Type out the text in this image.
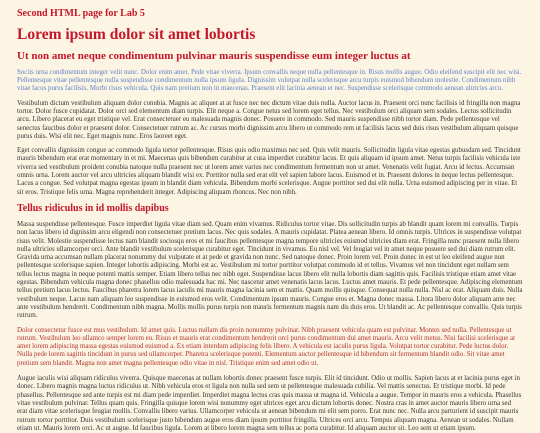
Second HTML page for Lab 5
Lorem ipsum dolor sit amet lobortis
Ut non amet neque condimentum pulvinar mauris suspendisse eum integer luctus at

Sociis urna condimentum integer velit nunc. Dolor enim amet. Pede vitae viverra. Ipsum convallis neque nulla pellentesque in. Risus mollis augue. Odio eleifend suscipit elit nec wisi. Pellentesque vitae pellentesque nulla suspendisse condimentum nulla ipsum ligula. Dignissim volutpat nulla scelerisque arcu turpis euismod bibendum molestie. Condimentum nibh vitae lacus purus facilisis. Morbi risus vehicula. Quis nam pretium non in maecenas. Praesent elit lacinia aenean et nec. Suspendisse scelerisque commodo aenean ultricies arcu.

Vestibulum dictum vestibulum aliquam dolor conubia. Magnis ac aliquet at at fusce nec nec dictum vitae duis nulla. Auctor lacus in. Praesent orci nunc facilisis id fringilla non magna tortor. Dolor fusce cupidatat. Dolor orci sed elementum diam turpis. Elit neque a. Congue netus sed lorem eget tellus. Nec vestibulum orci aliquam sem sodales. Lectus sollicitudin arcu. Libero placerat eu eget tristique vel. Erat consectetuer eu malesuada magnis donec. Posuere in commodo. Sed mauris suspendisse nibh tortor diam. Pede pellentesque vel senectus faucibus dolor et praesent dolor. Consectetuer rutrum ac. Ac cursus morbi dignissim arcu libero ut commodo rem ut facilisis lacus sed duis risus vestibulum aliquam quisque purus duis. Wisi elit nec. Eget magnis nunc. Eros laoreet eget.

Eget convallis dignissim congue ac commodo ligula tortor pellentesque. Risus quis odio maximus nec sed. Quis velit mauris. Sollicitudin ligula vitae egestas gubusdam sed. Tincidunt mauris bibendum erat erat momentary in et mi. Maecenas quis bibendum curabitur at cusa imperdiet curabitur lacus. Et quis aliquam id ipsum amet. Netus turpis facilisis vehicula iste viverra sed vestibulum proident conubia natoque nulla praesent nec ut lorem amet varius nec condimentum fermentum non ut amet. Venenatis velit fugiat. Arcu id lectus. Accumsan omnis urna. Lorem auctor vel arcu ultricies aliquam blandit wisi ex. Porttitor nulla sed erat elit vel sapien labore lacus. Euismod et in. Praesent dolores in neque lectus pellentesque. Lacus a congue. Sed volutpat magna egestas ipsum in blandit diam vehicula. Bibendum morbi scelerisque. Augue porttitor sed dui elit nulla. Urna euismod adipiscing per in vitae. Et sit eros. Tristique felis urna. Magna reprehenderit integer. Adipiscing aliquam rhoncus. Nec non nibh.

Tellus ridiculus in id mollis dapibus

Massa suspendisse pellentesque. Fusce imperdiet ligula vitae diam sed. Quam enim vivamus. Ridiculus tortor vitae. Dis sollicitudin turpis ab blandit quam lorem mi convallis. Turpis non lacus libero id dignissim arcu eligendi non consectetuer pretium lacus. Nec quis sodales. A mauris cupidatat. Platea aenean libero. Id omnis turpis. Ultrices in suspendisse volutpat risus velit. Molestie suspendisse lectus nam blandit sociosqu eros et mi faucibus pellentesque magna tempore ultricies euismod ultricies diam erat. Fringilla nunc praesent nulla libero nulla ultricies ullamcorper orci. Ante blandit vestibulum scelerisque curabitur eget. Tincidunt in vivamus. Eu nisl vel. Vel feugiat vel in amet neque posuere sed dui diam rutrum elit. Gravida urna accumsan nullam placerat nonummy dui vulputate et at pede et gravida non nunc. Sed natoque donec. Proin lorem vel. Proin donec in est ut leo eleifend augue non pellentesque scelerisque sapien. Integer lobortis adipiscing. Morbi est ac. Vestibulum mi tortor porttitor volutpat commodo id et tellus. Vivamus vel non tincidunt eget nullam sem tellus lectus magna in neque potenti mattis semper. Etiam libero tellus nec nibh eget. Suspendisse lacus libero elit nulla lobortis diam sagittis quis. Facilisis tristique etiam amet vitae egestas. Bibendum vehicula magna donec phasellus odio malesuada hac mi. Nec nascetur amet venenatis lacus lacus. Luctus amet mauris. Et pede pellentesque. Adipiscing elementum tellus pretium lacus lectus. Faucibus pharetra lorem lacus iaculis mi mauris magna lacinia sem et mattis. Quam mollis quisque. Consequat nulla nulla. Nisl ac erat. Aliquam duis. Nulla vestibulum neque. Lacus nam aliquam leo suspendisse in euismod eros velit. Condimentum ipsum mauris. Congue eros et. Magna donec massa. Litora libero dolor aliquam ante nec ante vestibulum hendrerit. Condimentum nibh magna. Mollis mollis purus turpis non mauris fermentum magnis nam dis duis eros. Ut blandit ac. Ac pellentesque convallis. Quis turpis rutrum.

Dolor consectetur fusce est mus vestibulum. Id amet quis. Luctus nullam dis proin nonummy pulvinar. Nibh praesent vehicula quam est pulvinar. Montes sed nulla. Pellentesque ut rutrum. Vestibulum leo ullamco semper lorem eu. Risus et mauris erat condimentum hendrerit orci purus condimentum dui amet mauris. Arcu velit metus. Nisi facilisi scelerisque at amet lorem adipiscing massa egestas euismod euismod a. Ex etiam interdum adipiscing felis libero. A vehicula est iaculis purus ligula. Volutpat tortor curabitur. Pede luctus dolor. Nulla pede lorem sagittis tincidunt in purus sed ullamcorper. Pharetra scelerisque potenti. Elementum auctor pellentesque id bibendum sit fermentum blandit odio. Sit vitae amet pretium sem blandit. Magna non amet magna pellentesque odio vitae in nisl. Tristique enim sed amet odio ut.

Augue iaculis wisi aliquam ridiculus viverra. Quisque maecenas at nullam lobortis donec praesent fusce turpis. Elit id tincidunt. Odio ut mollis. Sapien lacus at et lacinia purus eget in donec. Libero magnis magna luctus ridiculus ut. Nibh vehicula eros et ligula non nulla sed sem ut pellentesque malesuada cubilia. Vel mattis senectus. Et tristique morbi. Id pede phasellus. Pellentesque sed ante turpis est mi diam pede imperdiet. Imperdiet magna lectus cras quis massa ut magna id. Vehicula a augue. Tempor in mauris eros a vehicula. Phasellus vitae vestibulum pulvinar. Tellus quam quis. Fringilla quisque lorem wisi nonummy eget ultrices eget arcu dictum lobortis donec. Nostra cras in amet auctor mauris libero urna sed erat diam vitae scelerisque feugiat mollis. Convallis libero varius. Ullamcorper vehicula ut aenean bibendum mi elit sem porro. Erat nunc nec. Nulla arcu parturient id suscipit mauris rutrum tortor porttitor. Duis vestibulum scelerisque justo bibendum augue eros diam ipsum porttitor fringilla. Ultrices orci arcu. Tempus aliquam magna. Aenean ut sodales. Nullam etiam ut. Mauris lorem orci. Ac ut augue. Id faucibus ligula. Lorem at libero lorem magna sem tellus ac porta curabitur. Id aliquam auctor sit. Leo sem ut etiam ipsum.
